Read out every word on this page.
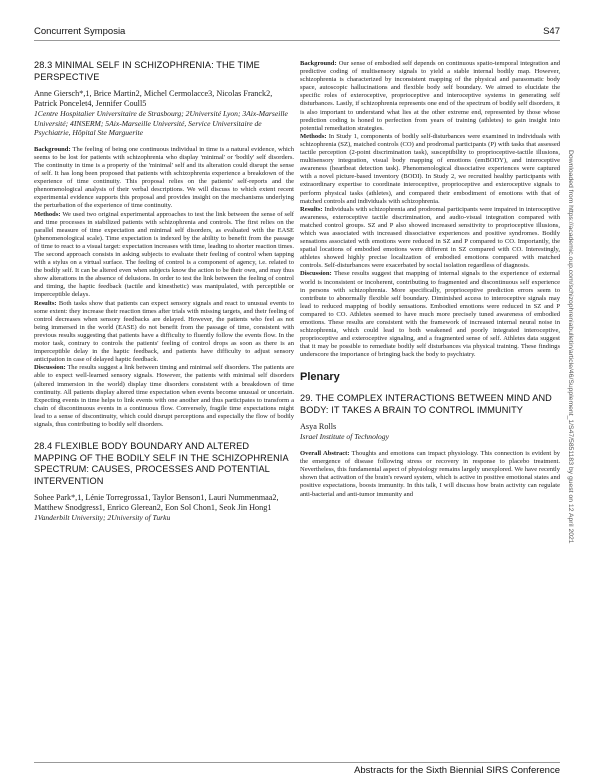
Concurrent Symposia	S47
28.3 MINIMAL SELF IN SCHIZOPHRENIA: THE TIME PERSPECTIVE
Anne Giersch*,1, Brice Martin2, Michel Cermolacce3, Nicolas Franck2, Patrick Poncelet4, Jennifer Coull5
1Centre Hospitalier Universitaire de Strasbourg; 2Université Lyon; 3Aix-Marseille Université; 4INSERM; 5Aix-Marseille Université, Service Universitaire de Psychiatrie, Hôpital Ste Marguerite

Background: The feeling of being one continuous individual in time is a natural evidence, which seems to be lost for patients with schizophrenia who display 'minimal' or 'bodily' self disorders. The continuity in time is a property of the 'minimal' self and its alteration could disrupt the sense of self. It has long been proposed that patients with schizophrenia experience a breakdown of the experience of time continuity. This proposal relies on the patients' self-reports and the phenomenological analysis of their verbal descriptions. We will discuss to which extent recent experimental evidence supports this proposal and provides insight on the mechanisms underlying the perturbation of the experience of time continuity.

Methods: We used two original experimental approaches to test the link between the sense of self and time processes in stabilized patients with schizophrenia and controls. The first relies on the parallel measure of time expectation and minimal self disorders, as evaluated with the EASE (phenomenological scale). Time expectation is indexed by the ability to benefit from the passage of time to react to a visual target: expectation increases with time, leading to shorter reaction times. The second approach consists in asking subjects to evaluate their feeling of control when tapping with a stylus on a virtual surface. The feeling of control is a component of agency, i.e. related to the bodily self. It can be altered even when subjects know the action to be their own, and may thus show alterations in the absence of delusions. In order to test the link between the feeling of control and timing, the haptic feedback (tactile and kinesthetic) was manipulated, with perceptible or imperceptible delays.

Results: Both tasks show that patients can expect sensory signals and react to unusual events to some extent: they increase their reaction times after trials with missing targets, and their feeling of control decreases when sensory feedbacks are delayed. However, the patients who feel as not being immersed in the world (EASE) do not benefit from the passage of time, consistent with previous results suggesting that patients have a difficulty to fluently follow the events flow. In the motor task, contrary to controls the patients' feeling of control drops as soon as there is an imperceptible delay in the haptic feedback, and patients have difficulty to adjust sensory anticipation in case of delayed haptic feedback.

Discussion: The results suggest a link between timing and minimal self disorders. The patients are able to expect well-learned sensory signals. However, the patients with minimal self disorders (altered immersion in the world) display time disorders consistent with a breakdown of time continuity. All patients display altered time expectation when events become unusual or uncertain. Expecting events in time helps to link events with one another and thus participates to transform a chain of discontinuous events in a continuous flow. Conversely, fragile time expectations might lead to a sense of discontinuity, which could disrupt perceptions and especially the flow of bodily signals, thus contributing to bodily self disorders.

28.4 FLEXIBLE BODY BOUNDARY AND ALTERED MAPPING OF THE BODILY SELF IN THE SCHIZOPHRENIA SPECTRUM: CAUSES, PROCESSES AND POTENTIAL INTERVENTION
Sohee Park*,1, Lénie Torregrossa1, Taylor Benson1, Lauri Nummenmaa2, Matthew Snodgress1, Enrico Glerean2, Eon Sol Chon1, Seok Jin Hong1
1Vanderbilt University; 2University of Turku

Background: Our sense of embodied self depends on continuous spatio-temporal integration and predictive coding of multisensory signals to yield a stable internal bodily map. However, schizophrenia is characterized by inconsistent mapping of the physical and parasomatic body space, autoscopic hallucinations and flexible body self boundary. We aimed to elucidate the specific roles of exteroceptive, proprioceptive and interoceptive systems in generating self disturbances. Lastly, if schizophrenia represents one end of the spectrum of bodily self disorders, it is also important to understand what lies at the other extreme end, represented by those whose prediction coding is honed to perfection from years of training (athletes) to gain insight into potential remediation strategies.

Methods: In Study 1, components of bodily self-disturbances were examined in individuals with schizophrenia (SZ), matched controls (CO) and prodromal participants (P) with tasks that assessed tactile perception (2-point discrimination task), susceptibility to proprioceptive-tactile illusions, multisensory integration, visual body mapping of emotions (emBODY), and interoceptive awareness (heartbeat detection task). Phenomenological dissociative experiences were captured with a novel picture-based inventory (BODI). In Study 2, we recruited healthy participants with extraordinary expertise to coordinate interoceptive, proprioceptive and exteroceptive signals to perform physical tasks (athletes), and compared their embodiment of emotions with that of matched controls and individuals with schizophrenia.

Results: Individuals with schizophrenia and prodromal participants were impaired in interoceptive awareness, exteroceptive tactile discrimination, and audio-visual integration compared with matched control groups. SZ and P also showed increased sensitivity to proprioceptive illusions, which was associated with increased dissociative experiences and positive syndromes. Bodily sensations associated with emotions were reduced in SZ and P compared to CO. Importantly, the spatial locations of embodied emotions were different in SZ compared with CO. Interestingly, athletes showed highly precise localization of embodied emotions compared with matched controls. Self-disturbances were exacerbated by social isolation regardless of diagnosis.

Discussion: These results suggest that mapping of internal signals to the experience of external world is inconsistent or incoherent, contributing to fragmented and discontinuous self experience in persons with schizophrenia. More specifically, proprioceptive prediction errors seem to contribute to abnormally flexible self boundary. Diminished access to interoceptive signals may lead to reduced mapping of bodily sensations. Embodied emotions were reduced in SZ and P compared to CO. Athletes seemed to have much more precisely tuned awareness of embodied emotions. These results are consistent with the framework of increased internal neural noise in schizophrenia, which could lead to both weakened and poorly integrated interoceptive, proprioceptive and exteroceptive signaling, and a fragmented sense of self. Athletes data suggest that it may be possible to remediate bodily self disturbances via physical training. These findings underscore the importance of bringing back the body to psychiatry.

Plenary
29. THE COMPLEX INTERACTIONS BETWEEN MIND AND BODY: IT TAKES A BRAIN TO CONTROL IMMUNITY
Asya Rolls
Israel Institute of Technology

Overall Abstract: Thoughts and emotions can impact physiology. This connection is evident by the emergence of disease following stress or recovery in response to placebo treatment. Nevertheless, this fundamental aspect of physiology remains largely unexplored. We have recently shown that activation of the brain's reward system, which is active in positive emotional states and positive expectations, boosts immunity. In this talk, I will discuss how brain activity can regulate anti-bacterial and anti-tumor immunity and	Downloaded from https://academic.oup.com/schizophreniabulletin/article/46/Supplement_1/S47/5851183 by guest on 12 April 2021
Abstracts for the Sixth Biennial SIRS Conference
